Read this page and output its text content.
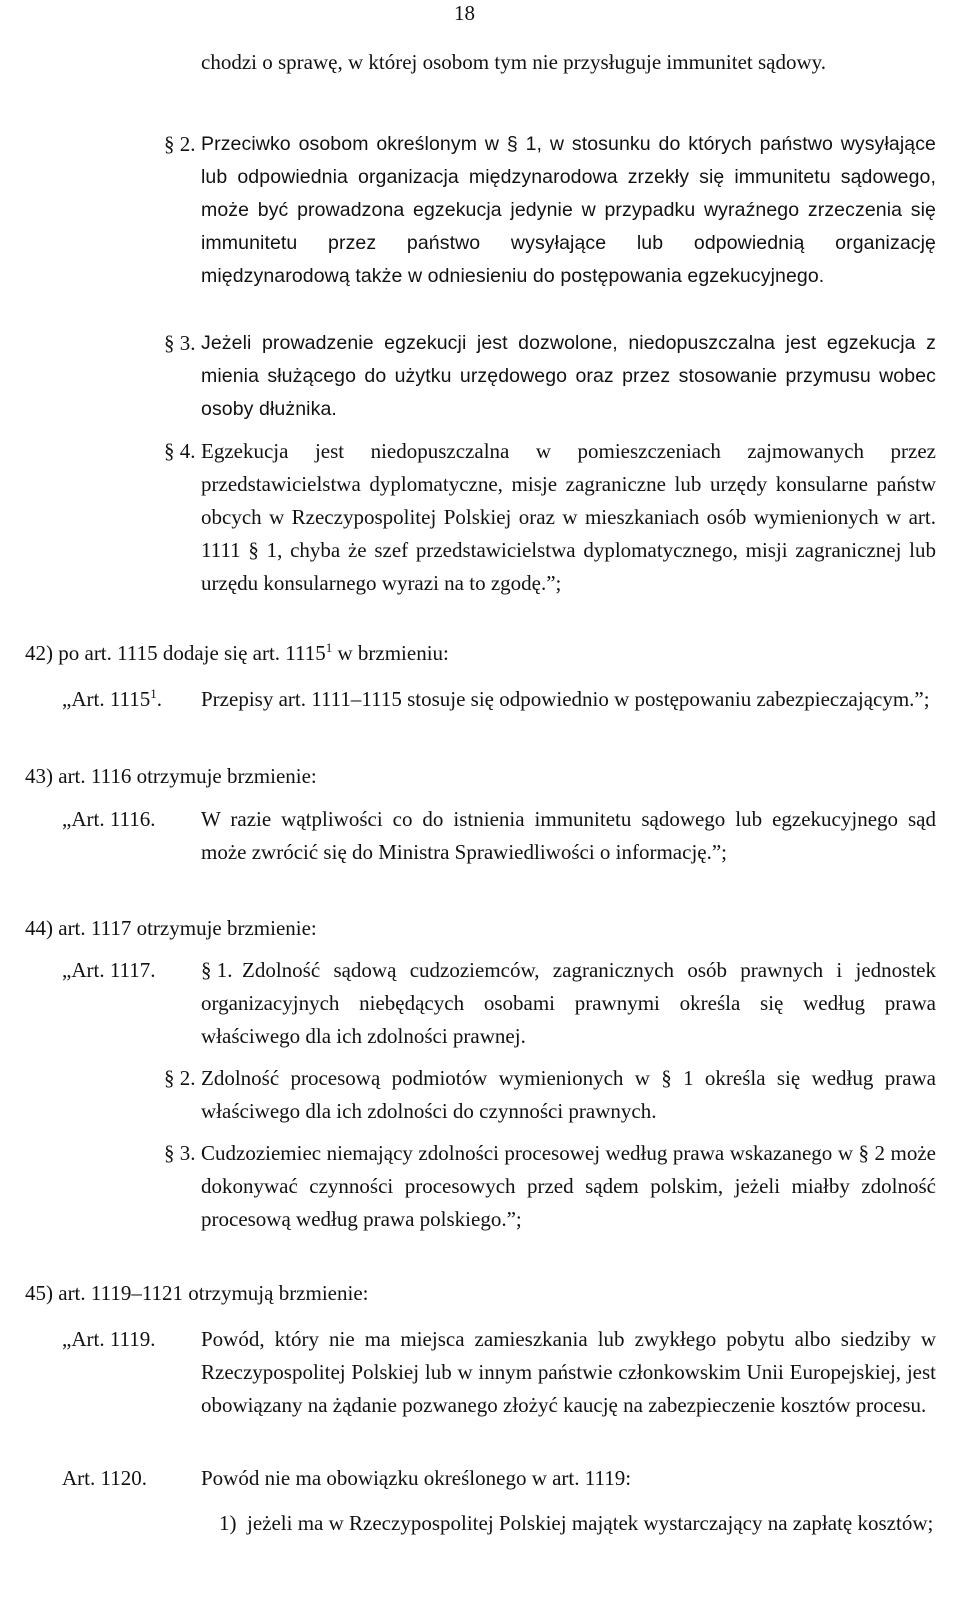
18
chodzi o sprawę, w której osobom tym nie przysługuje immunitet sądowy.
§ 2. Przeciwko osobom określonym w § 1, w stosunku do których państwo wysyłające lub odpowiednia organizacja międzynarodowa zrzekły się immunitetu sądowego, może być prowadzona egzekucja jedynie w przypadku wyraźnego zrzeczenia się immunitetu przez państwo wysyłające lub odpowiednią organizację międzynarodową także w odniesieniu do postępowania egzekucyjnego.
§ 3. Jeżeli prowadzenie egzekucji jest dozwolone, niedopuszczalna jest egzekucja z mienia służącego do użytku urzędowego oraz przez stosowanie przymusu wobec osoby dłużnika.
§ 4. Egzekucja jest niedopuszczalna w pomieszczeniach zajmowanych przez przedstawicielstwa dyplomatyczne, misje zagraniczne lub urzędy konsularne państw obcych w Rzeczypospolitej Polskiej oraz w mieszkaniach osób wymienionych w art. 1111 § 1, chyba że szef przedstawicielstwa dyplomatycznego, misji zagranicznej lub urzędu konsularnego wyrazi na to zgodę.”;
42) po art. 1115 dodaje się art. 1115$^1$ w brzmieniu:
„Art. 1115$^1$. Przepisy art. 1111–1115 stosuje się odpowiednio w postępowaniu zabezpieczającym.”;
43) art. 1116 otrzymuje brzmienie:
„Art. 1116. W razie wątpliwości co do istnienia immunitetu sądowego lub egzekucyjnego sąd może zwrócić się do Ministra Sprawiedliwości o informację.”;
44) art. 1117 otrzymuje brzmienie:
„Art. 1117. § 1. Zdolność sądową cudzoziemców, zagranicznych osób prawnych i jednostek organizacyjnych niebędących osobami prawnymi określa się według prawa właściwego dla ich zdolności prawnej.
§ 2. Zdolność procesową podmiotów wymienionych w § 1 określa się według prawa właściwego dla ich zdolności do czynności prawnych.
§ 3. Cudzoziemiec niemający zdolności procesowej według prawa wskazanego w § 2 może dokonywać czynności procesowych przed sądem polskim, jeżeli miałby zdolność procesową według prawa polskiego.”;
45) art. 1119–1121 otrzymują brzmienie:
„Art. 1119. Powód, który nie ma miejsca zamieszkania lub zwykłego pobytu albo siedziby w Rzeczypospolitej Polskiej lub w innym państwie członkowskim Unii Europejskiej, jest obowiązany na żądanie pozwanego złożyć kaucję na zabezpieczenie kosztów procesu.
Art. 1120.	Powód nie ma obowiązku określonego w art. 1119:
1) jeżeli ma w Rzeczypospolitej Polskiej majątek wystarczający na zapłatę kosztów;
